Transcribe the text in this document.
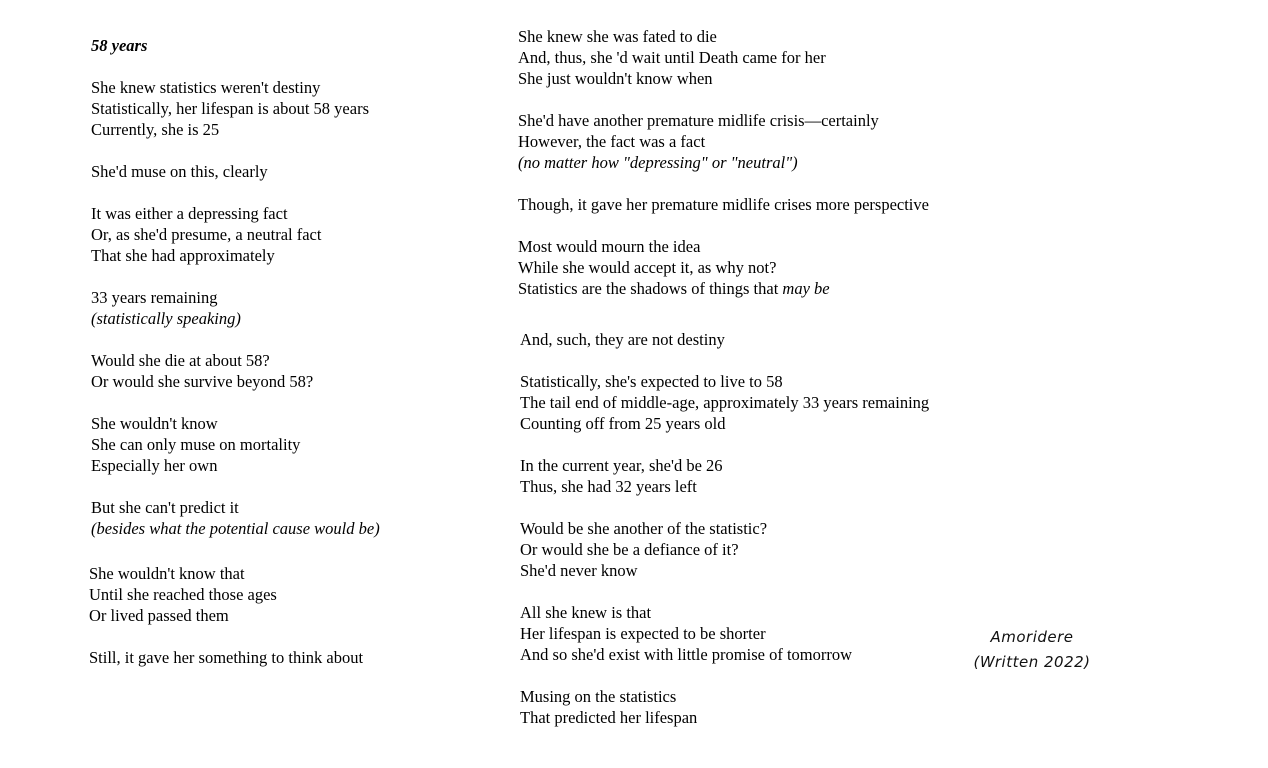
58 years
She knew statistics weren't destiny
Statistically, her lifespan is about 58 years
Currently, she is 25
She'd muse on this, clearly
It was either a depressing fact
Or, as she'd presume, a neutral fact
That she had approximately
33 years remaining
(statistically speaking)
Would she die at about 58?
Or would she survive beyond 58?
She wouldn't know
She can only muse on mortality
Especially her own
But she can't predict it
(besides what the potential cause would be)
She wouldn't know that
Until she reached those ages
Or lived passed them
Still, it gave her something to think about
She knew she was fated to die
And, thus, she 'd wait until Death came for her
She just wouldn't know when
She'd have another premature midlife crisis—certainly
However, the fact was a fact
(no matter how "depressing" or "neutral")
Though, it gave her premature midlife crises more perspective
Most would mourn the idea
While she would accept it, as why not?
Statistics are the shadows of things that may be
And, such, they are not destiny
Statistically, she's expected to live to 58
The tail end of middle-age, approximately 33 years remaining
Counting off from 25 years old
In the current year, she'd be 26
Thus, she had 32 years left
Would be she another of the statistic?
Or would she be a defiance of it?
She'd never know
All she knew is that
Her lifespan is expected to be shorter
And so she'd exist with little promise of tomorrow
Musing on the statistics
That predicted her lifespan
Amoridere
(Written 2022)
